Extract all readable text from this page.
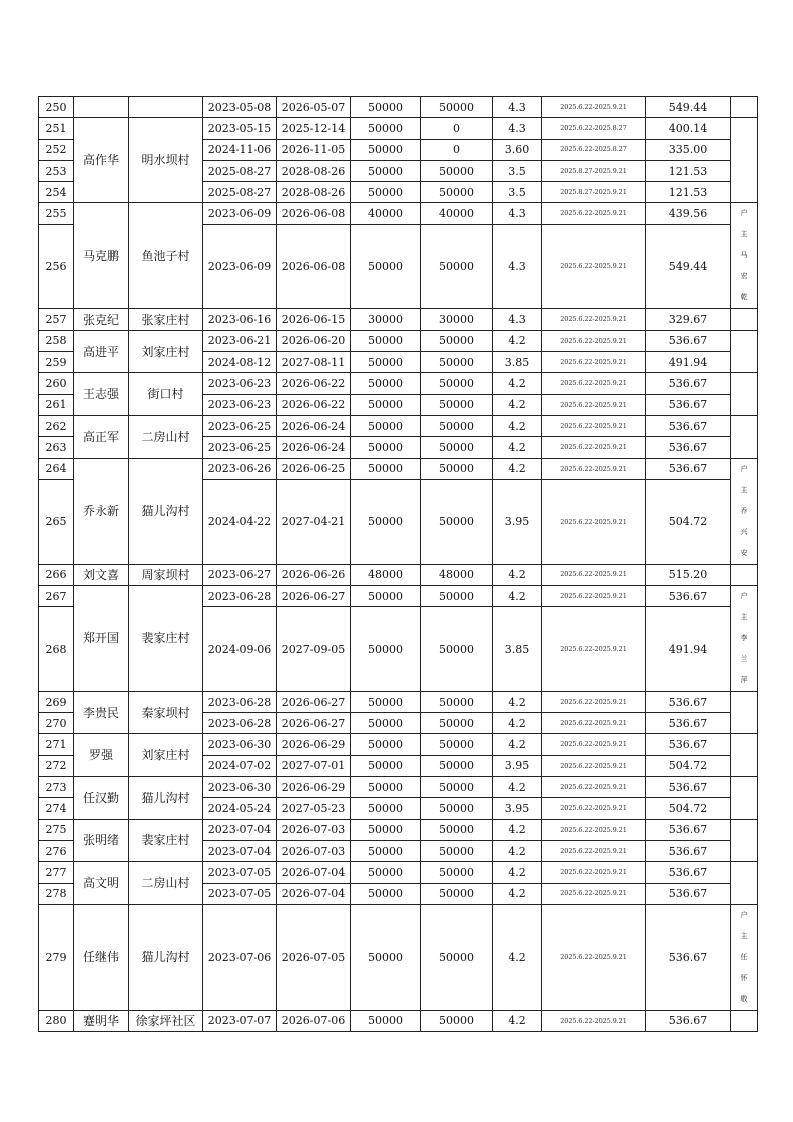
250			2023-05-08	2026-05-07	50000	50000	4.3	2025.6.22-2025.9.21	549.44	

251	高作华	明水坝村	2023-05-15	2025-12-14	50000	0	4.3	2025.6.22-2025.8.27	400.14	

252			2024-11-06	2026-11-05	50000	0	3.60	2025.6.22-2025.8.27	335.00	
253			2025-08-27	2028-08-26	50000	50000	3.5	2025.8.27-2025.9.21	121.53	
254			2025-08-27	2028-08-26	50000	50000	3.5	2025.8.27-2025.9.21	121.53	
255	马克鹏	鱼池子村	2023-06-09	2026-06-08	40000	40000	4.3	2025.6.22-2025.9.21	439.56	户主马宏乾

256			2023-06-09	2026-06-08	50000	50000	4.3	2025.6.22-2025.9.21	549.44	
257	张克纪	张家庄村	2023-06-16	2026-06-15	30000	30000	4.3	2025.6.22-2025.9.21	329.67	

258	高进平	刘家庄村	2023-06-21	2026-06-20	50000	50000	4.2	2025.6.22-2025.9.21	536.67	

259			2024-08-12	2027-08-11	50000	50000	3.85	2025.6.22-2025.9.21	491.94	
260	王志强	街口村	2023-06-23	2026-06-22	50000	50000	4.2	2025.6.22-2025.9.21	536.67	

261			2023-06-23	2026-06-22	50000	50000	4.2	2025.6.22-2025.9.21	536.67	
262	高正军	二房山村	2023-06-25	2026-06-24	50000	50000	4.2	2025.6.22-2025.9.21	536.67	

263			2023-06-25	2026-06-24	50000	50000	4.2	2025.6.22-2025.9.21	536.67	
264	乔永新	猫儿沟村	2023-06-26	2026-06-25	50000	50000	4.2	2025.6.22-2025.9.21	536.67	户主乔兴安

265			2024-04-22	2027-04-21	50000	50000	3.95	2025.6.22-2025.9.21	504.72	
266	刘文喜	周家坝村	2023-06-27	2026-06-26	48000	48000	4.2	2025.6.22-2025.9.21	515.20	

267	郑开国	裴家庄村	2023-06-28	2026-06-27	50000	50000	4.2	2025.6.22-2025.9.21	536.67	户主李兰萍

268			2024-09-06	2027-09-05	50000	50000	3.85	2025.6.22-2025.9.21	491.94	
269	李贵民	秦家坝村	2023-06-28	2026-06-27	50000	50000	4.2	2025.6.22-2025.9.21	536.67	

270			2023-06-28	2026-06-27	50000	50000	4.2	2025.6.22-2025.9.21	536.67	
271	罗强	刘家庄村	2023-06-30	2026-06-29	50000	50000	4.2	2025.6.22-2025.9.21	536.67	

272			2024-07-02	2027-07-01	50000	50000	3.95	2025.6.22-2025.9.21	504.72	
273	任汉勤	猫儿沟村	2023-06-30	2026-06-29	50000	50000	4.2	2025.6.22-2025.9.21	536.67	

274			2024-05-24	2027-05-23	50000	50000	3.95	2025.6.22-2025.9.21	504.72	
275	张明绪	裴家庄村	2023-07-04	2026-07-03	50000	50000	4.2	2025.6.22-2025.9.21	536.67	

276			2023-07-04	2026-07-03	50000	50000	4.2	2025.6.22-2025.9.21	536.67	
277	高文明	二房山村	2023-07-05	2026-07-04	50000	50000	4.2	2025.6.22-2025.9.21	536.67	

278			2023-07-05	2026-07-04	50000	50000	4.2	2025.6.22-2025.9.21	536.67	
279	任继伟	猫儿沟村	2023-07-06	2026-07-05	50000	50000	4.2	2025.6.22-2025.9.21	536.67	户主任怀敬

280	蹇明华	徐家坪社区	2023-07-07	2026-07-06	50000	50000	4.2	2025.6.22-2025.9.21	536.67	
